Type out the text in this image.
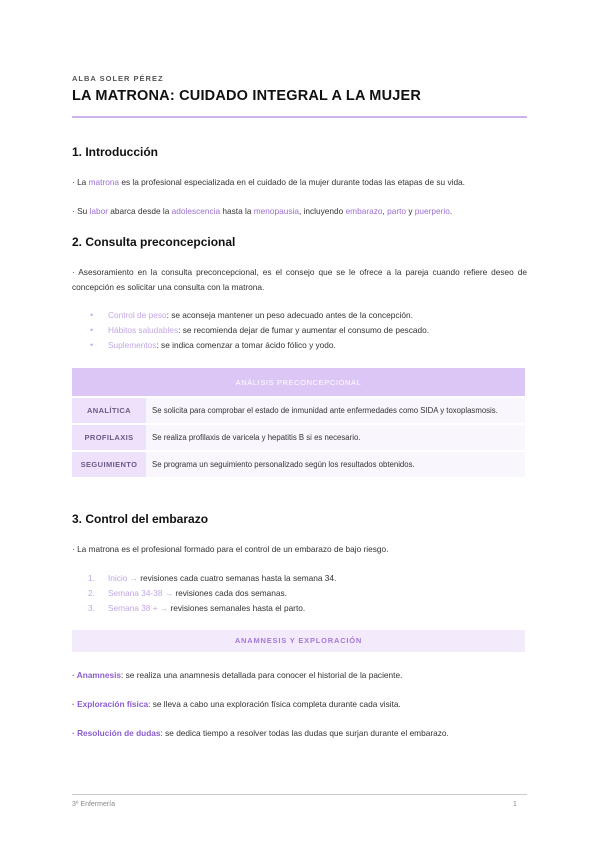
ALBA SOLER PÉREZ
LA MATRONA: CUIDADO INTEGRAL A LA MUJER
1. Introducción
· La matrona es la profesional especializada en el cuidado de la mujer durante todas las etapas de su vida.
· Su labor abarca desde la adolescencia hasta la menopausia, incluyendo embarazo, parto y puerperio.
2. Consulta preconcepcional
· Asesoramiento en la consulta preconcepcional, es el consejo que se le ofrece a la pareja cuando refiere deseo de concepción es solicitar una consulta con la matrona.
• Control de peso: se aconseja mantener un peso adecuado antes de la concepción.
• Hábitos saludables: se recomienda dejar de fumar y aumentar el consumo de pescado.
• Suplementos: se indica comenzar a tomar ácido fólico y yodo.
ANÁLISIS PRECONCEPCIONAL	
ANALÍTICA	Se solicita para comprobar el estado de inmunidad ante enfermedades como SIDA y toxoplasmosis.
PROFILAXIS	Se realiza profilaxis de varicela y hepatitis B si es necesario.
SEGUIMIENTO	Se programa un seguimiento personalizado según los resultados obtenidos.
3. Control del embarazo
· La matrona es el profesional formado para el control de un embarazo de bajo riesgo.
1. Inicio → revisiones cada cuatro semanas hasta la semana 34.
2. Semana 34-38 → revisiones cada dos semanas.
3. Semana 38 + → revisiones semanales hasta el parto.
ANAMNESIS Y EXPLORACIÓN
· Anamnesis: se realiza una anamnesis detallada para conocer el historial de la paciente.
· Exploración física: se lleva a cabo una exploración física completa durante cada visita.
· Resolución de dudas: se dedica tiempo a resolver todas las dudas que surjan durante el embarazo.
3º Enfermería	1
